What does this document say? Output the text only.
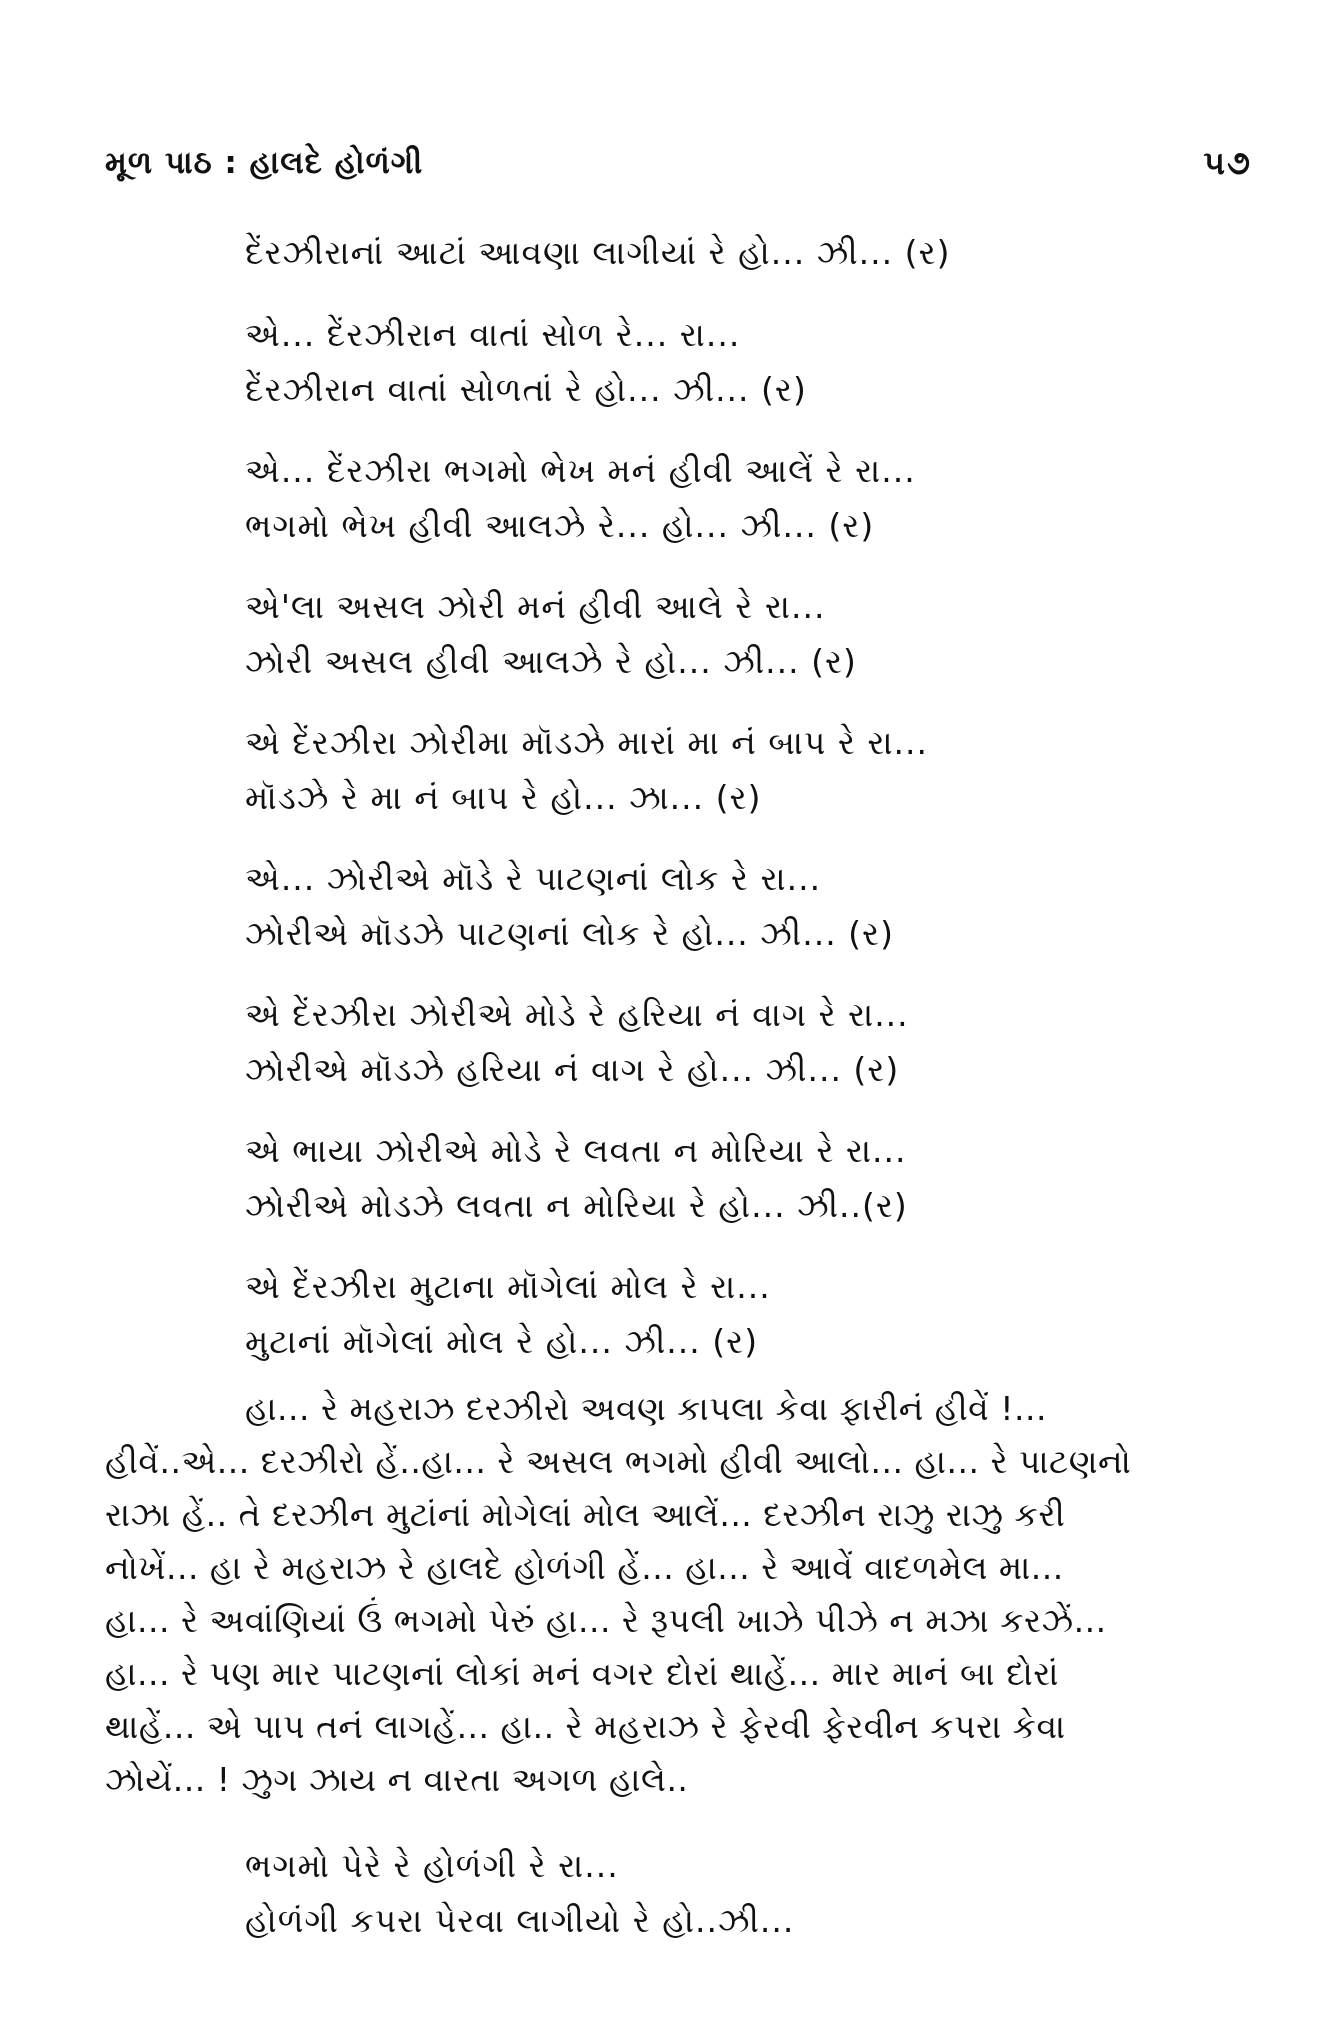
મૂળ પાઠ : હાલદે હોળંગી	૫૭
દેંરઝીરાનાં આટાં આવણા લાગીયાં રે હો... ઝી... (ર)
એ... દેંરઝીરાન વાતાં સોળ રે... રા...
દેંરઝીરાન વાતાં સોળતાં રે હો... ઝી... (ર)
એ... દેંરઝીરા ભગમો ભેખ મનં હીવી આલેં રે રા...
ભગમો ભેખ હીવી આલઝે રે... હો... ઝી... (ર)
એ'લા અસલ ઝોરી મનં હીવી આલે રે રા...
ઝોરી અસલ હીવી આલઝે રે હો... ઝી... (ર)
એ દેંરઝીરા ઝોરીમા મૉડઝે મારાં મા નં બાપ રે રા...
મૉડઝે રે મા નં બાપ રે હો... ઝા... (ર)
એ... ઝોરીએ મૉડે રે પાટણનાં લોક રે રા...
ઝોરીએ મૉડઝે પાટણનાં લોક રે હો... ઝી... (ર)
એ દેંરઝીરા ઝોરીએ મોડે રે હરિયા નં વાગ રે રા...
ઝોરીએ મૉડઝે હરિયા નં વાગ રે હો... ઝી... (ર)
એ ભાયા ઝોરીએ મોડે રે લવતા ન મોરિયા રે રા...
ઝોરીએ મોડઝે લવતા ન મોરિયા રે હો... ઝી..(ર)
એ દેંરઝીરા મુટાના મૉગેલાં મોલ રે રા...
મુટાનાં મૉગેલાં મોલ રે હો... ઝી... (ર)
હા... રે મહરાઝ દરઝીરો અવણ કાપલા કેવા ફારીનં હીવેં !...
હીવેં..એ... દરઝીરો હેં..હા... રે અસલ ભગમો હીવી આલો... હા... રે પાટણનો
રાઝા હેં.. તે દરઝીન મુટાંનાં મોગેલાં મોલ આલેં... દરઝીન રાઝુ રાઝુ કરી
નોખેં... હા રે મહરાઝ રે હાલદે હોળંગી હેં... હા... રે આવેં વાદળમેલ મા...
હા... રે અવાંણિયાં ઉં ભગમો પેરું હા... રે રૂપલી ખાઝે પીઝે ન મઝા કરઝેં...
હા... રે પણ માર પાટણનાં લોકાં મનં વગર દોરાં થાહેં... માર માનં બા દોરાં
થાહેં... એ પાપ તનં લાગહેં... હા.. રે મહરાઝ રે ફેરવી ફેરવીન કપરા કેવા
ઝોયેં... ! ઝુગ ઝાય ન વારતા અગળ હાલે..
ભગમો પેરે રે હોળંગી રે રા...
હોળંગી કપરા પેરવા લાગીયો રે હો..ઝી...
